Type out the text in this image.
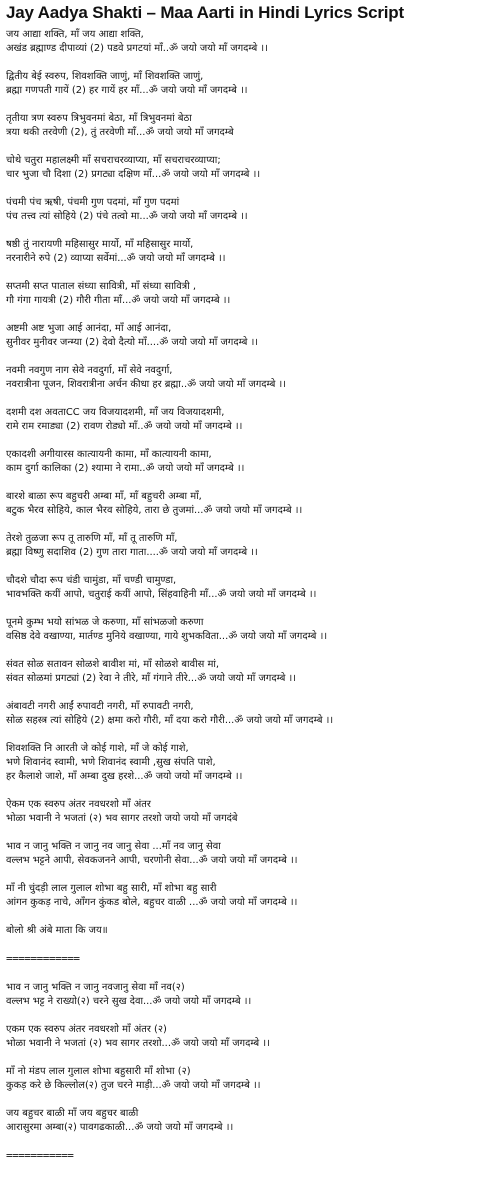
Jay Aadya Shakti – Maa Aarti in Hindi Lyrics Script
जय आद्या शक्ति, माँ जय आद्या शक्ति,
अखंड ब्रह्माण्ड दीपाव्यां (2) पडवे प्रगटयां माँ..ॐ जयो जयो माँ जगदम्बे ।।
द्वितीय बेई स्वरुप, शिवशक्ति जाणुं, माँ शिवशक्ति जाणुं,
ब्रह्मा गणपती गायें (2) हर गायें हर माँ...ॐ जयो जयो माँ जगदम्बे ।।
तृतीया त्रण स्वरुप त्रिभुवनमां बेठा, माँ त्रिभुवनमां बेठा
त्रया थकी तरवेणी (2), तुं तरवेणी माँ...ॐ जयो जयो माँ जगदम्बे
चोथे चतुरा महालक्ष्मी माँ सचराचरव्याप्या, माँ सचराचरव्याप्या;
चार भुजा चौ दिशा (2) प्रगट्या दक्षिण माँ...ॐ जयो जयो माँ जगदम्बे ।।
पंचमी पंच ऋषी, पंचमी गुण पदमां, माँ गुण पदमां
पंच तत्त्व त्यां सोहिये (2) पंचे तत्वो मा...ॐ जयो जयो माँ जगदम्बे ।।
षष्ठी तुं नारायणी महिसासुर मार्यो, माँ महिसासुर मार्यो,
नरनारीने रुपे (2) व्याप्या सर्वेमां...ॐ जयो जयो माँ जगदम्बे ।।
सप्तमी सप्त पाताल संध्या सावित्री, माँ संध्या सावित्री ,
गौ गंगा गायत्री (2) गौरी गीता माँ...ॐ जयो जयो माँ जगदम्बे ।।
अष्टमी अष्ट भुजा आई आनंदा, माँ आई आनंदा,
सुनीवर मुनीवर जन्म्या (2) देवो दैत्यो माँ....ॐ जयो जयो माँ जगदम्बे ।।
नवमी नवगुण नाग सेवे नवदुर्गा, माँ सेवे नवदुर्गा,
नवरात्रीना पूजन, शिवरात्रीना अर्चन कीधा हर ब्रह्मा..ॐ जयो जयो माँ जगदम्बे ।।
दशमी दश अवताCC जय विजयादशमी, माँ जय विजयादशमी,
रामे राम रमाड्या (2) रावण रोड्यो माँ..ॐ जयो जयो माँ जगदम्बे ।।
एकादशी अगीयारस कात्यायनी कामा, माँ कात्यायनी कामा,
काम दुर्गा कालिका (2) श्यामा ने रामा..ॐ जयो जयो माँ जगदम्बे ।।
बारशे बाळा रूप बहुचरी अम्बा माँ, माँ बहुचरी अम्बा माँ,
बटुक भैरव सोहिये, काल भैरव सोहिये, तारा छे तुजमां...ॐ जयो जयो माँ जगदम्बे ।।
तेरशे तुळजा रूप तू तारुणि माँ, माँ तू तारुणि माँ,
ब्रह्मा विष्णु सदाशिव (2) गुण तारा गाता....ॐ जयो जयो माँ जगदम्बे ।।
चौदशे चौदा रूप चंडी चामुंडा, माँ चण्डी चामुण्डा,
भावभक्ति कयीं आपो, चतुराई कयीं आपो, सिंहवाहिनी माँ...ॐ जयो जयो माँ जगदम्बे ।।
पूनमे कुम्भ भयो सांभळ जे करुणा, माँ सांभळजो करुणा
वसिष्ठ देवे वखाण्या, मार्तण्ड मुनिये वखाण्या, गाये शुभकविता...ॐ जयो जयो माँ जगदम्बे ।।
संवत सोळ सतावन सोळशे बावीश मां, माँ सोळशे बावीस मां,
संवत सोळमां प्रगट्यां (2) रेवा ने तीरे, माँ गंगाने तीरे...ॐ जयो जयो माँ जगदम्बे ।।
अंबावटी नगरी आईं रुपावटी नगरी, माँ रुपावटी नगरी,
सोळ सहस्त्र त्यां सोहिये (2) क्षमा करो गौरी, माँ दया करो गौरी...ॐ जयो जयो माँ जगदम्बे ।।
शिवशक्ति नि आरती जे कोई गाशे, माँ जे कोई गाशे,
भणे शिवानंद स्वामी, भणे शिवानंद स्वामी ,सुख संपति पाशे,
हर कैलाशे जाशे, माँ अम्बा दुख हरशे...ॐ जयो जयो माँ जगदम्बे ।।
ऐकम एक स्वरुप अंतर नवधरशो माँ अंतर
भोळा भवानी ने भजतां (२) भव सागर तरशो जयो जयो माँ जगदंबे
भाव न जानु भक्ति न जानु नव जानु सेवा ...माँ नव जानु सेवा
वल्लभ भट्टने आपी, सेवकजनने आपी, चरणोनी सेवा...ॐ जयो जयो माँ जगदम्बे ।।
माँ नी चुंदड़ी लाल गुलाल शोभा बहु सारी, माँ शोभा बहु सारी
आंगन कुकड़ नाचे, आँगन कुंकड बोले, बहुचर वाळी ...ॐ जयो जयो माँ जगदम्बे ।।
बोलो श्री अंबे माता कि जय॥
============
भाव न जानु भक्ति न जानु नवजानु सेवा माँ नव(२)
वल्लभ भट्ट ने राख्यो(२) चरने सुख देवा...ॐ जयो जयो माँ जगदम्बे ।।
एकम एक स्वरुप अंतर नवधरशो माँ अंतर (२)
भोळा भवानी ने भजतां (२) भव सागर तरशो...ॐ जयो जयो माँ जगदम्बे ।।
माँ नो मंडप लाल गुलाल शोभा बहुसारी माँ शोभा (२)
कुकड़ करे छे किल्लोल(२) तुज चरने माड़ी...ॐ जयो जयो माँ जगदम्बे ।।
जय बहुचर बाळी माँ जय बहुचर बाळी
आरासुरमा अम्बा(२) पावगढकाळी...ॐ जयो जयो माँ जगदम्बे ।।
===========
